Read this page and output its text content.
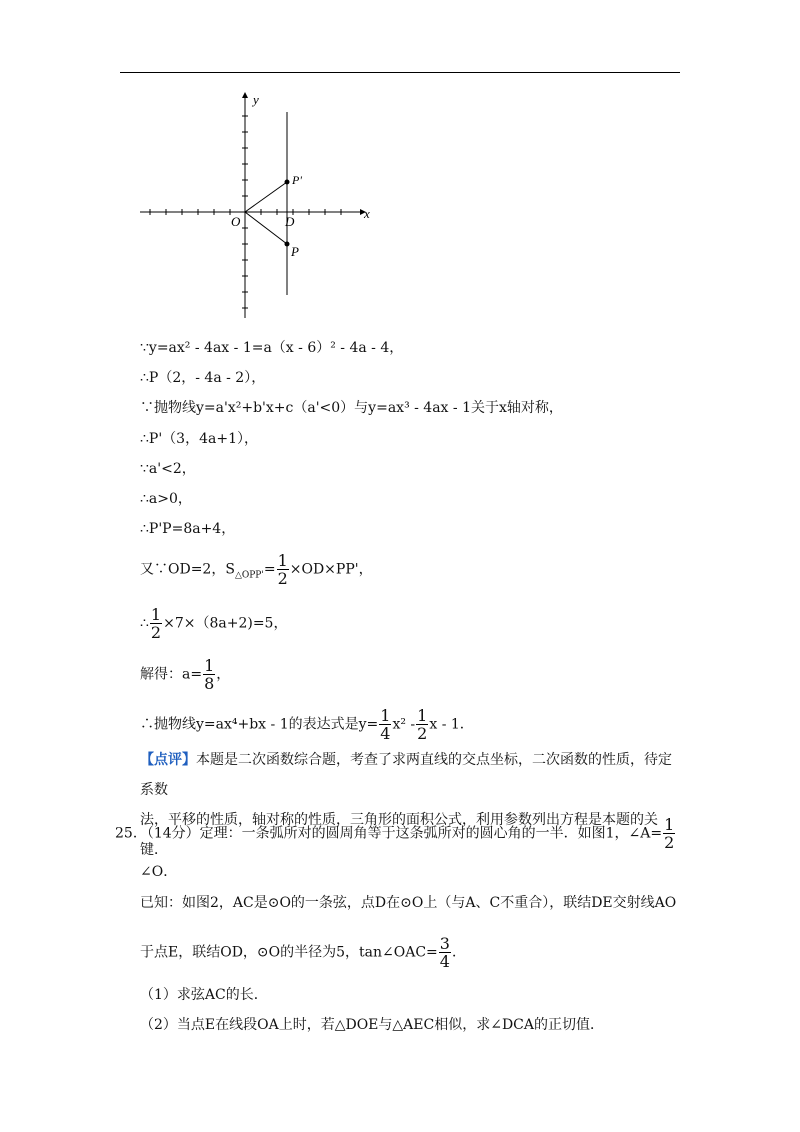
y
x
O	D
P'
P
∵y=ax² - 4ax - 1=a（x - 6）² - 4a - 4，
∴P（2，- 4a - 2），
∵抛物线y=a'x²+b'x+c（a'<0）与y=ax³ - 4ax - 1关于x轴对称，
∴P'（3，4a+1），
∵a'<2，
∴a>0，
∴P'P=8a+4，
又∵OD=2，$S_{\triangle OPP'}= \frac{1}{2} \times OD\times PP'$，
∴ $\frac{1}{2} \times 7\times(8a+2)=5$，
解得：$a= \frac{1}{8}$ ，
∴抛物线y=ax⁴+bx - 1的表达式是$y= \frac{1}{4} x^2 - \frac{1}{2}$ x - 1．
【点评】本题是二次函数综合题，考查了求两直线的交点坐标，二次函数的性质，待定系数
法，平移的性质，轴对称的性质，三角形的面积公式，利用参数列出方程是本题的关键．
25．（14分）定理：一条弧所对的圆周角等于这条弧所对的圆心角的一半．如图1，∠A= $\frac{1}{2}$
∠O．
已知：如图2，AC是⊙O的一条弦，点D在⊙O上（与A、C不重合），联结DE交射线AO
于点E，联结OD，⊙O的半径为5，tan∠OAC= $\frac{3}{4}$ ．
（1）求弦AC的长．
（2）当点E在线段OA上时，若△DOE与△AEC相似，求∠DCA的正切值．
